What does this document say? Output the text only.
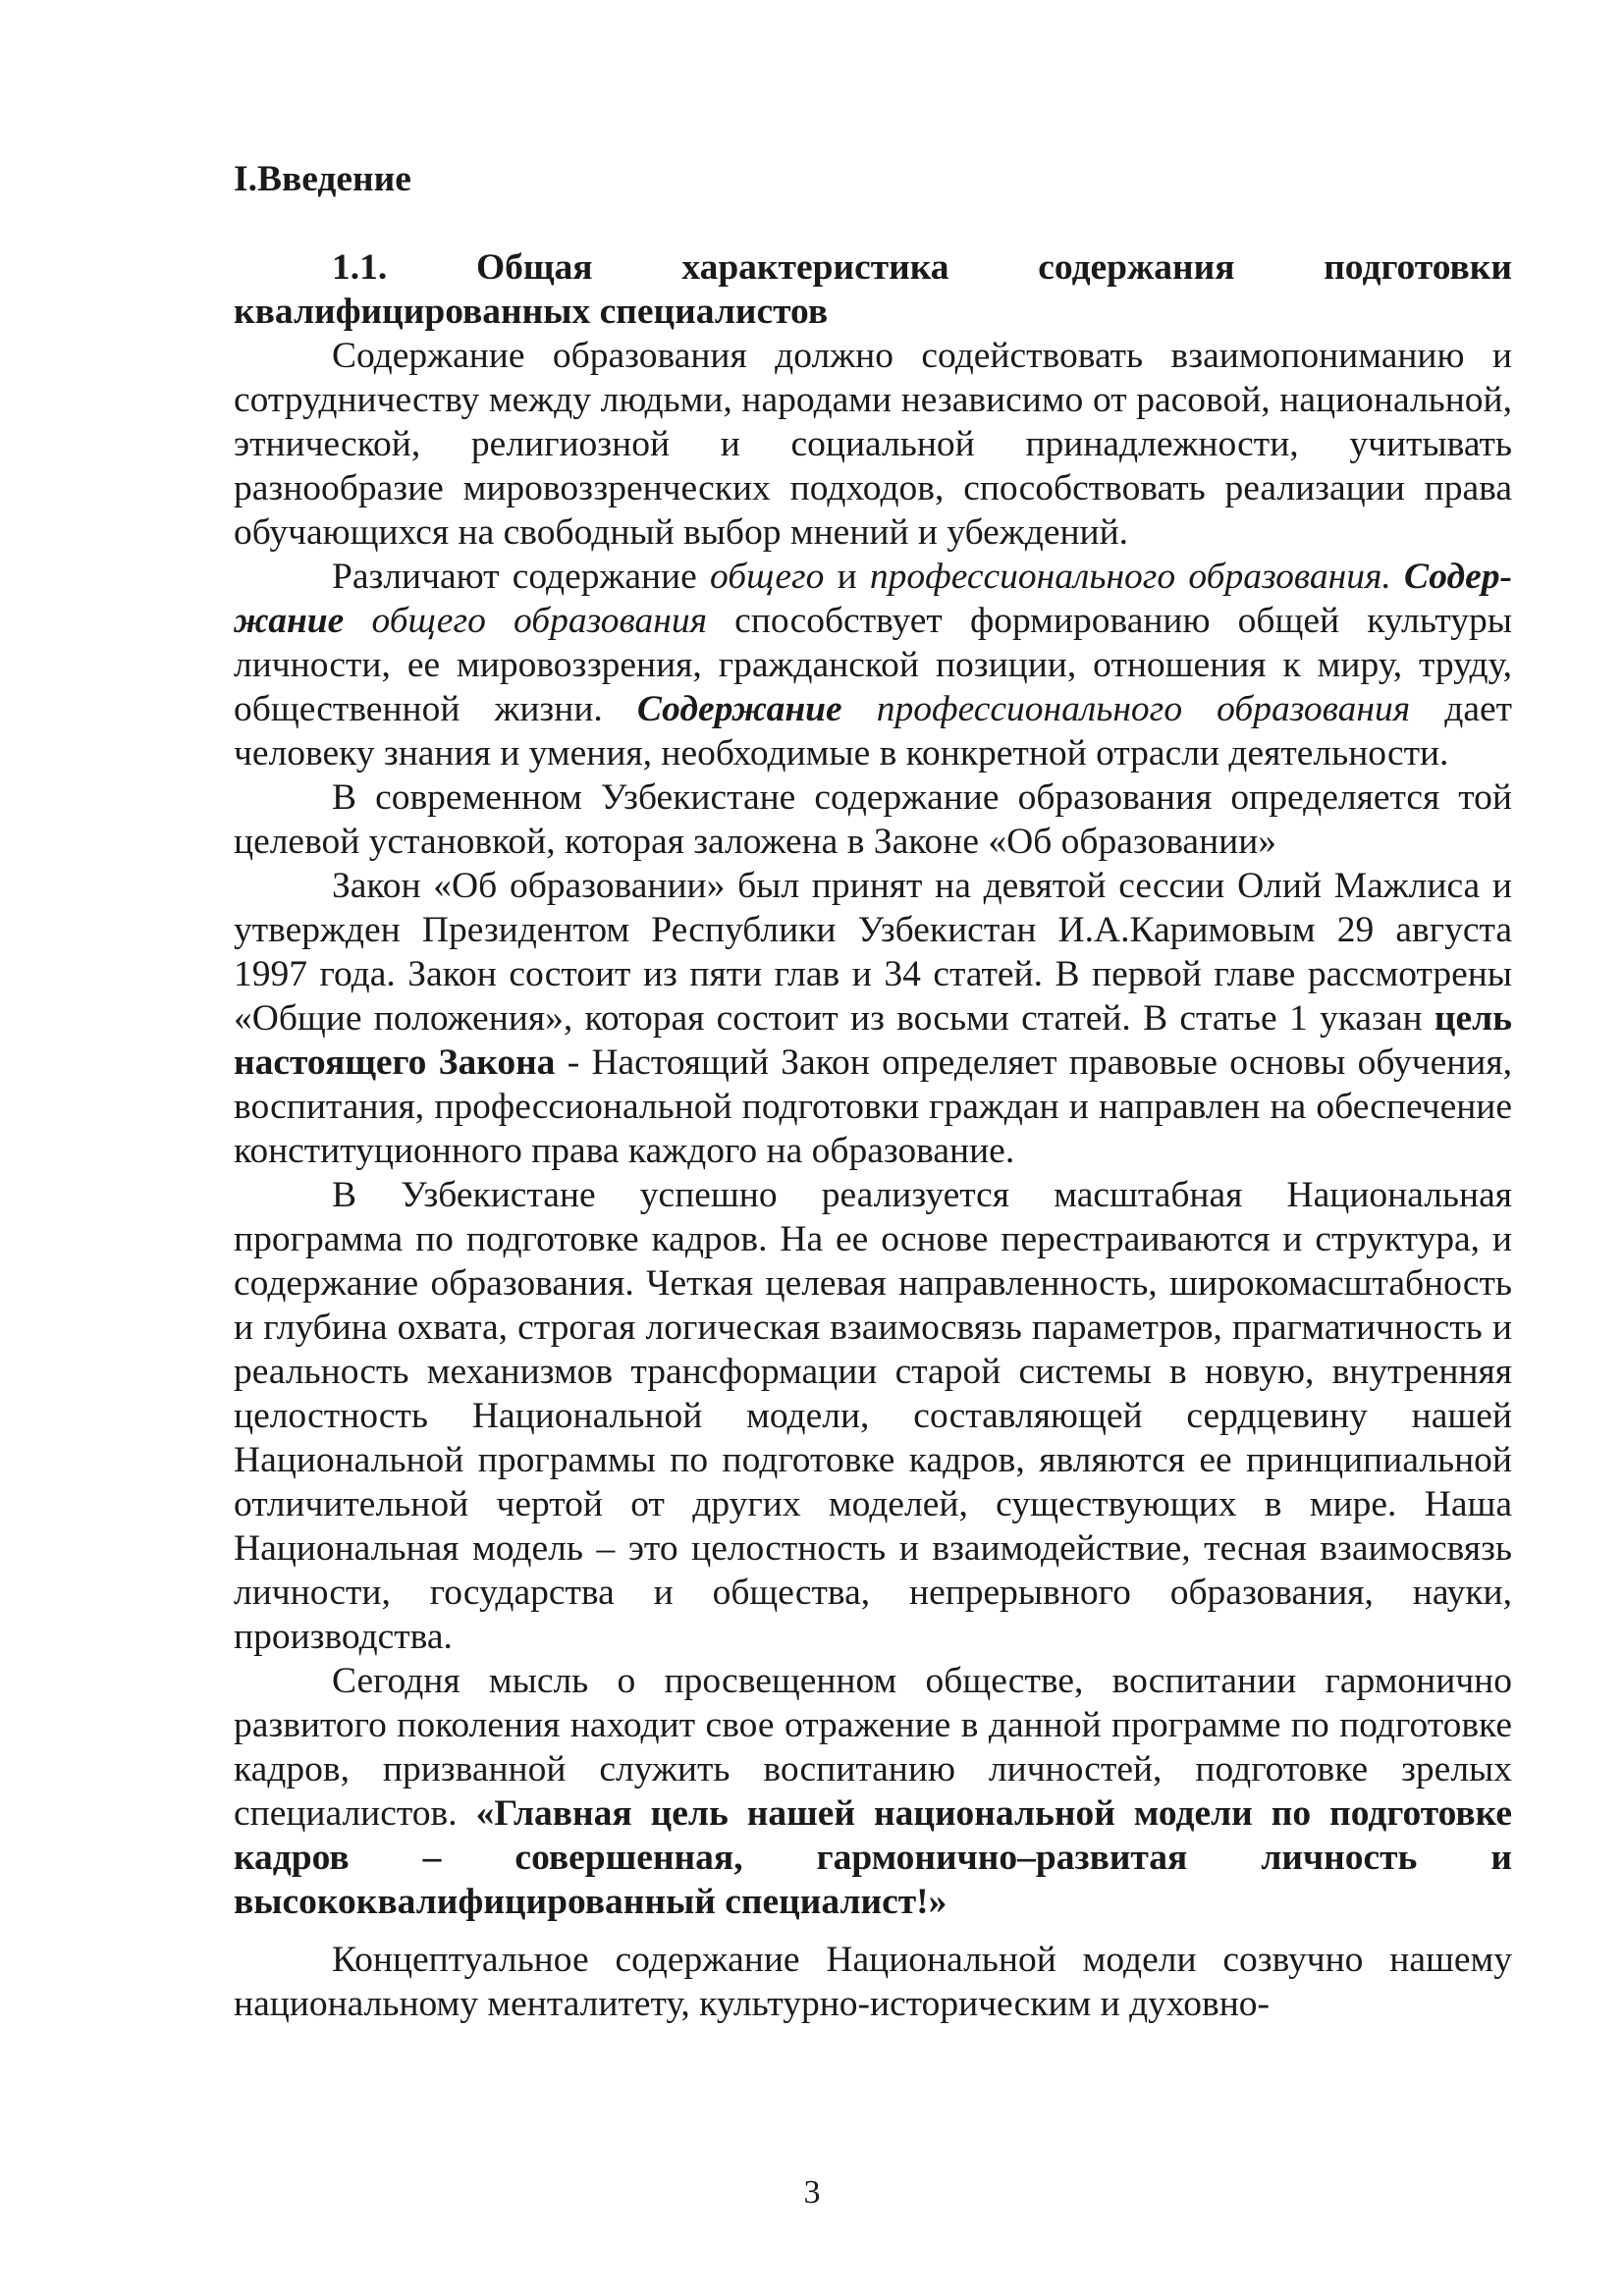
I.Введение
1.1. Общая характеристика содержания подготовки квалифицированных специалистов

Содержание образования должно содействовать взаимопониманию и сотрудничеству между людьми, народами независимо от расовой, национальной, этнической, религиозной и социальной принадлежности, учитывать разнообразие мировоззренческих подходов, способствовать реализации права обучающихся на свободный выбор мнений и убеждений.

Различают содержание общего и профессионального образования. Содержание общего образования способствует формированию общей культуры личности, ее мировоззрения, гражданской позиции, отношения к миру, труду, общественной жизни. Содержание профессионального образования дает человеку знания и умения, необходимые в конкретной отрасли деятельности.

В современном Узбекистане содержание образования определяется той целевой установкой, которая заложена в Законе «Об образовании»

Закон «Об образовании» был принят на девятой сессии Олий Мажлиса и утвержден Президентом Республики Узбекистан И.А.Каримовым 29 августа 1997 года. Закон состоит из пяти глав и 34 статей. В первой главе рассмотрены «Общие положения», которая состоит из восьми статей. В статье 1 указан цель настоящего Закона - Настоящий Закон определяет правовые основы обучения, воспитания, профессиональной подготовки граждан и направлен на обеспечение конституционного права каждого на образование.

В Узбекистане успешно реализуется масштабная Национальная программа по подготовке кадров. На ее основе перестраиваются и структура, и содержание образования. Четкая целевая направленность, широкомасштабность и глубина охвата, строгая логическая взаимосвязь параметров, прагматичность и реальность механизмов трансформации старой системы в новую, внутренняя целостность Национальной модели, составляющей сердцевину нашей Национальной программы по подготовке кадров, являются ее принципиальной отличительной чертой от других моделей, существующих в мире. Наша Национальная модель – это целостность и взаимодействие, тесная взаимосвязь личности, государства и общества, непрерывного образования, науки, производства.

Сегодня мысль о просвещенном обществе, воспитании гармонично развитого поколения находит свое отражение в данной программе по подготовке кадров, призванной служить воспитанию личностей, подготовке зрелых специалистов. «Главная цель нашей национальной модели по подготовке кадров – совершенная, гармонично–развитая личность и высококвалифицированный специалист!»

Концептуальное содержание Национальной модели созвучно нашему национальному менталитету, культурно-историческим и духовно-

3
